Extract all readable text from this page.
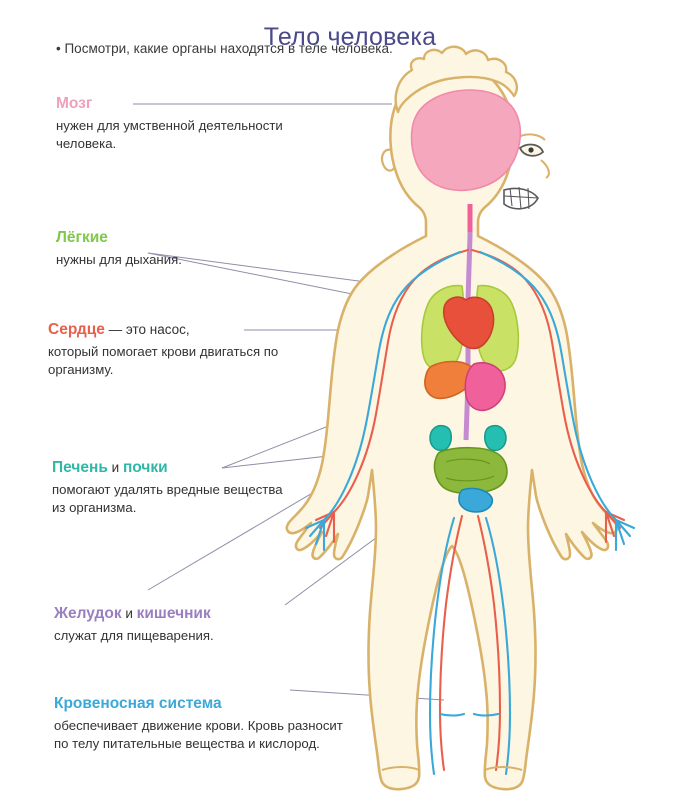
Тело человека
• Посмотри, какие органы находятся в теле человека.
Мозг
нужен для умственной деятельности человека.
Лёгкие
нужны для дыхания.
Сердце — это насос,
который помогает крови двигаться по организму.
Печень и почки
помогают удалять вредные вещества из организма.
Желудок и кишечник
служат для пищеварения.
Кровеносная система
обеспечивает движение крови. Кровь разносит по телу питательные вещества и кислород.
